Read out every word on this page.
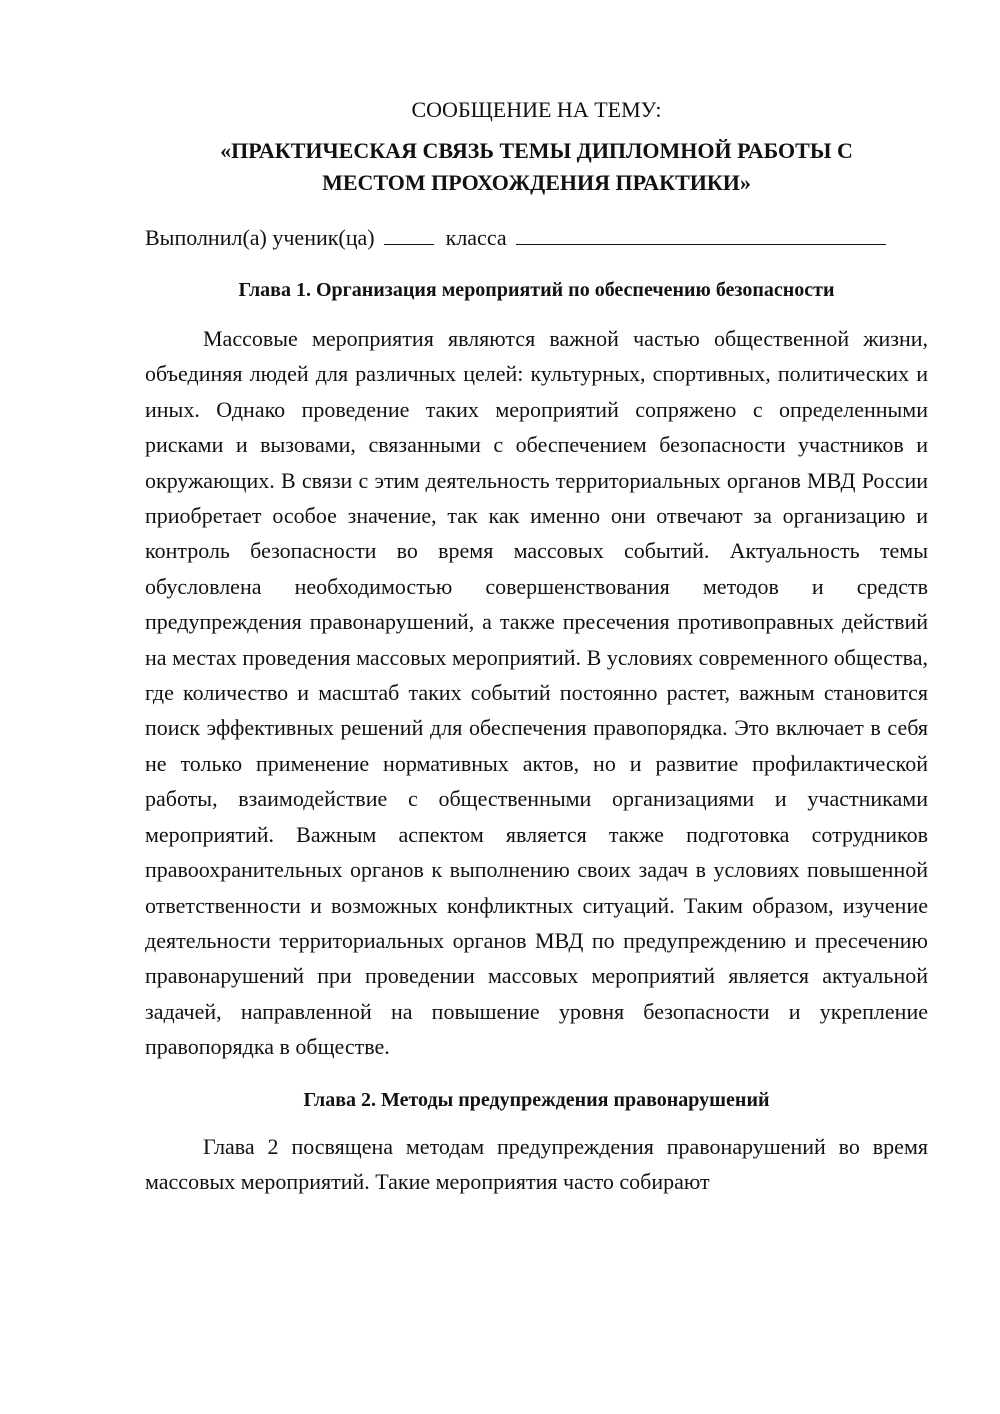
СООБЩЕНИЕ НА ТЕМУ:

«ПРАКТИЧЕСКАЯ СВЯЗЬ ТЕМЫ ДИПЛОМНОЙ РАБОТЫ С
МЕСТОМ ПРОХОЖДЕНИЯ ПРАКТИКИ»

Выполнил(а) ученик(ца)	класса

Глава 1. Организация мероприятий по обеспечению безопасности

Массовые мероприятия являются важной частью общественной жизни, объединяя людей для различных целей: культурных, спортивных, политических и иных. Однако проведение таких мероприятий сопряжено с определенными рисками и вызовами, связанными с обеспечением безопасности участников и окружающих. В связи с этим деятельность территориальных органов МВД России приобретает особое значение, так как именно они отвечают за организацию и контроль безопасности во время массовых событий. Актуальность темы обусловлена необходимостью совершенствования методов и средств предупреждения правонарушений, а также пресечения противоправных действий на местах проведения массовых мероприятий. В условиях современного общества, где количество и масштаб таких событий постоянно растет, важным становится поиск эффективных решений для обеспечения правопорядка. Это включает в себя не только применение нормативных актов, но и развитие профилактической работы, взаимодействие с общественными организациями и участниками мероприятий. Важным аспектом является также подготовка сотрудников правоохранительных органов к выполнению своих задач в условиях повышенной ответственности и возможных конфликтных ситуаций. Таким образом, изучение деятельности территориальных органов МВД по предупреждению и пресечению правонарушений при проведении массовых мероприятий является актуальной задачей, направленной на повышение уровня безопасности и укрепление правопорядка в обществе.

Глава 2. Методы предупреждения правонарушений

Глава 2 посвящена методам предупреждения правонарушений во время массовых мероприятий. Такие мероприятия часто собирают
